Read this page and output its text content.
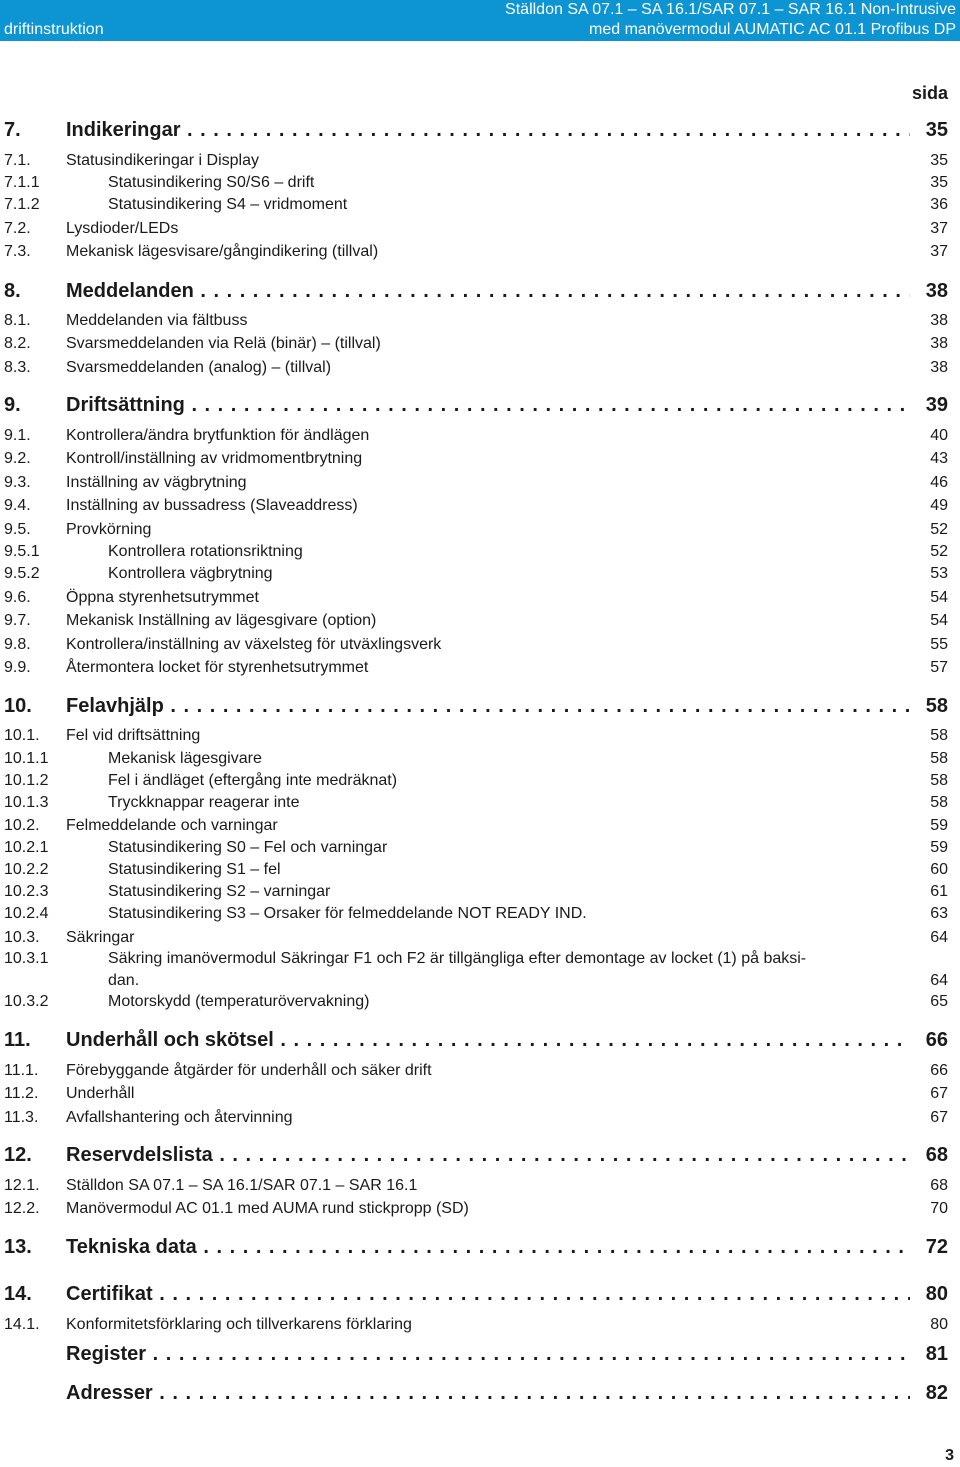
driftinstruktion
Ställdon SA 07.1 – SA 16.1/SAR 07.1 – SAR 16.1 Non-Intrusive
med manövermodul AUMATIC AC 01.1 Profibus DP
sida
7. Indikeringar . . .	35
7.1. Statusindikeringar i Display	35
7.1.1	Statusindikering S0/S6 – drift	35
7.1.2	Statusindikering S4 – vridmoment	36
7.2. Lysdioder/LEDs	37
7.3. Mekanisk lägesvisare/gångindikering (tillval)	37
8. Meddelanden . . .	38
8.1. Meddelanden via fältbuss	38
8.2. Svarsmeddelanden via Relä (binär) – (tillval)	38
8.3. Svarsmeddelanden (analog) – (tillval)	38
9. Driftsättning . . .	39
9.1. Kontrollera/ändra brytfunktion för ändlägen	40
9.2. Kontroll/inställning av vridmomentbrytning	43
9.3. Inställning av vägbrytning	46
9.4. Inställning av bussadress (Slaveaddress)	49
9.5. Provkörning	52
9.5.1	Kontrollera rotationsriktning	52
9.5.2	Kontrollera vägbrytning	53
9.6. Öppna styrenhetsutrymmet	54
9.7. Mekanisk Inställning av lägesgivare (option)	54
9.8. Kontrollera/inställning av växelsteg för utväxlingsverk	55
9.9. Återmontera locket för styrenhetsutrymmet	57
10. Felavhjälp . . .	58
10.1. Fel vid driftsättning	58
10.1.1	Mekanisk lägesgivare	58
10.1.2	Fel i ändläget (eftergång inte medräknat)	58
10.1.3	Tryckknappar reagerar inte	58
10.2. Felmeddelande och varningar	59
10.2.1	Statusindikering S0 – Fel och varningar	59
10.2.2	Statusindikering S1 – fel	60
10.2.3	Statusindikering S2 – varningar	61
10.2.4	Statusindikering S3 – Orsaker för felmeddelande NOT READY IND.	63
10.3. Säkringar	64
10.3.1	Säkring imanövermodul Säkringar F1 och F2 är tillgängliga efter demontage av locket (1) på baksi-
dan.	64
10.3.2	Motorskydd (temperaturövervakning)	65
11. Underhåll och skötsel . . .	66
11.1. Förebyggande åtgärder för underhåll och säker drift	66
11.2. Underhåll	67
11.3. Avfallshantering och återvinning	67
12. Reservdelslista . . .	68
12.1. Ställdon SA 07.1 – SA 16.1/SAR 07.1 – SAR 16.1	68
12.2. Manövermodul AC 01.1 med AUMA rund stickpropp (SD)	70
13. Tekniska data . . .	72
14. Certifikat . . .	80
14.1. Konformitetsförklaring och tillverkarens förklaring	80
Register . . .	81
Adresser . . .	82
3
